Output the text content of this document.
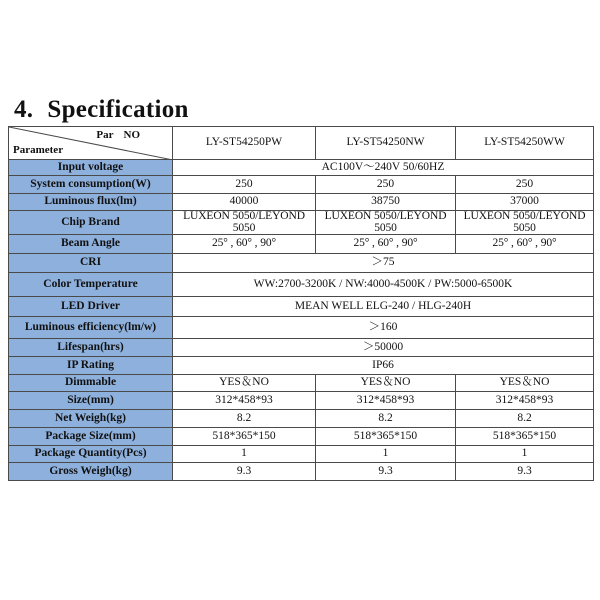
4. Specification
Par NO
Parameter	LY-ST54250PW	LY-ST54250NW	LY-ST54250WW
Input voltage	AC100V～240V 50/60HZ		
System consumption(W)	250	250	250
Luminous flux(lm)	40000	38750	37000
Chip Brand	LUXEON 5050/LEYOND 5050	LUXEON 5050/LEYOND 5050	LUXEON 5050/LEYOND 5050
Beam Angle	25° , 60° , 90°	25° , 60° , 90°	25° , 60° , 90°
CRI	＞75		
Color Temperature	WW:2700-3200K / NW:4000-4500K / PW:5000-6500K		
LED Driver	MEAN WELL ELG-240 / HLG-240H		
Luminous efficiency(lm/w)	＞160		
Lifespan(hrs)	＞50000		
IP Rating	IP66		
Dimmable	YES＆NO	YES＆NO	YES＆NO
Size(mm)	312*458*93	312*458*93	312*458*93
Net Weigh(kg)	8.2	8.2	8.2
Package Size(mm)	518*365*150	518*365*150	518*365*150
Package Quantity(Pcs)	1	1	1
Gross Weigh(kg)	9.3	9.3	9.3
